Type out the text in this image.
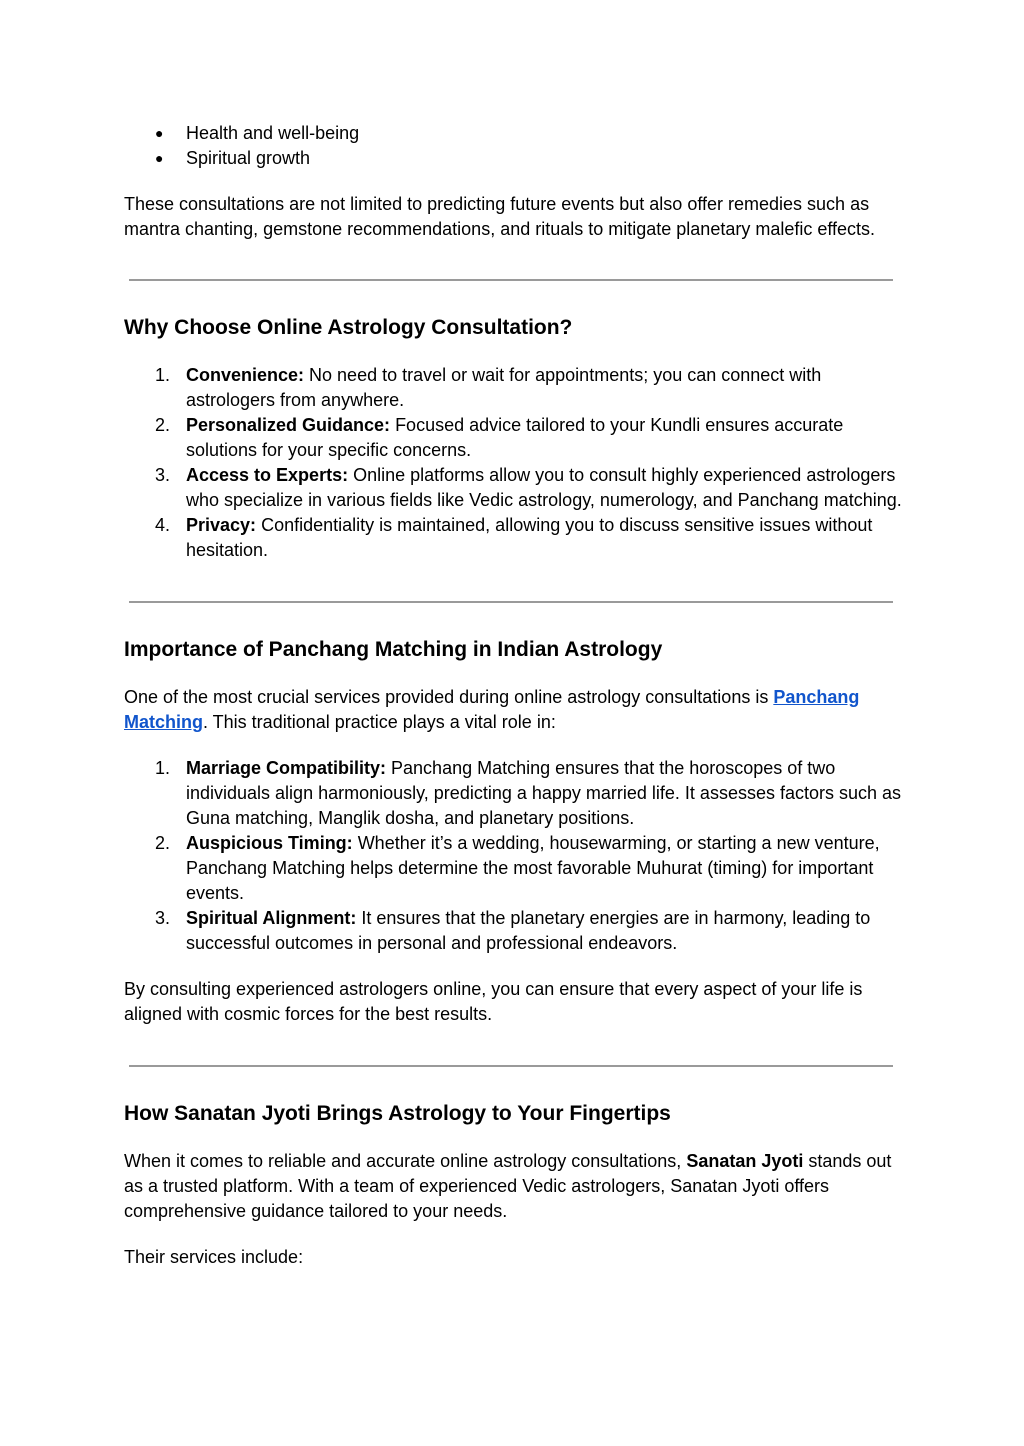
● Health and well-being
● Spiritual growth

These consultations are not limited to predicting future events but also offer remedies such as mantra chanting, gemstone recommendations, and rituals to mitigate planetary malefic effects.

Why Choose Online Astrology Consultation?
1. Convenience: No need to travel or wait for appointments; you can connect with astrologers from anywhere.
2. Personalized Guidance: Focused advice tailored to your Kundli ensures accurate solutions for your specific concerns.
3. Access to Experts: Online platforms allow you to consult highly experienced astrologers who specialize in various fields like Vedic astrology, numerology, and Panchang matching.
4. Privacy: Confidentiality is maintained, allowing you to discuss sensitive issues without hesitation.
Importance of Panchang Matching in Indian Astrology

One of the most crucial services provided during online astrology consultations is Panchang Matching. This traditional practice plays a vital role in:

1. Marriage Compatibility: Panchang Matching ensures that the horoscopes of two individuals align harmoniously, predicting a happy married life. It assesses factors such as Guna matching, Manglik dosha, and planetary positions.
2. Auspicious Timing: Whether it’s a wedding, housewarming, or starting a new venture, Panchang Matching helps determine the most favorable Muhurat (timing) for important events.
3. Spiritual Alignment: It ensures that the planetary energies are in harmony, leading to successful outcomes in personal and professional endeavors.

By consulting experienced astrologers online, you can ensure that every aspect of your life is aligned with cosmic forces for the best results.

How Sanatan Jyoti Brings Astrology to Your Fingertips

When it comes to reliable and accurate online astrology consultations, Sanatan Jyoti stands out as a trusted platform. With a team of experienced Vedic astrologers, Sanatan Jyoti offers comprehensive guidance tailored to your needs.

Their services include:
